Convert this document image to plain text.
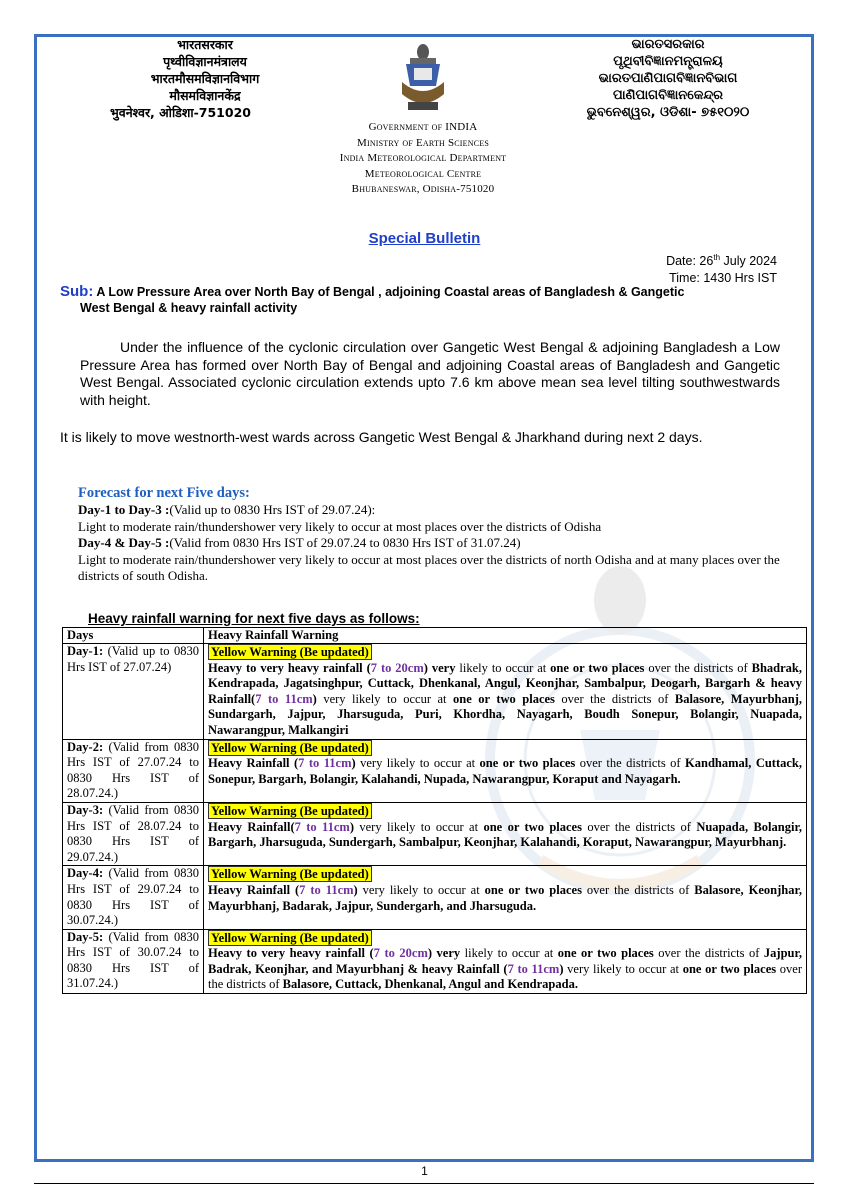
भारतसरकार
पृथ्वीविज्ञानमंत्रालय
भारतमौसमविज्ञानविभाग
मौसमविज्ञानकेंद्र
भुवनेश्वर, ओडिशा-751020
Government of INDIA
Ministry of Earth Sciences
India Meteorological Department
Meteorological Centre
Bhubaneswar, Odisha-751020
ଭାରତସରକାର
ପୃଥିବୀବିଜ୍ଞାନମନ୍ତ୍ରାଳୟ
ଭାରତପାଣିପାଗବିଜ୍ଞାନବିଭାଗ
ପାଣିପାଗବିଜ୍ଞାନକେନ୍ଦ୍ର
ଭୁବନେଶ୍ୱର, ଓଡିଶା- ୭୫୧୦୨୦
Special Bulletin
Date: 26th July 2024
Time: 1430 Hrs IST
Sub: A Low Pressure Area over North Bay of Bengal , adjoining Coastal areas of Bangladesh & Gangetic
West Bengal & heavy rainfall activity
Under the influence of the cyclonic circulation over Gangetic West Bengal & adjoining Bangladesh a Low Pressure Area has formed over North Bay of Bengal and adjoining Coastal areas of Bangladesh and Gangetic West Bengal. Associated cyclonic circulation extends upto 7.6 km above mean sea level tilting southwestwards with height.
It is likely to move westnorth-west wards across Gangetic West Bengal & Jharkhand during next 2 days.

Forecast for next Five days:

Day-1 to Day-3 :(Valid up to 0830 Hrs IST of 29.07.24):

Light to moderate rain/thundershower very likely to occur at most places over the districts of Odisha

Day-4 & Day-5 :(Valid from 0830 Hrs IST of 29.07.24 to 0830 Hrs IST of 31.07.24)

Light to moderate rain/thundershower very likely to occur at most places over the districts of north Odisha and at many places over the districts of south Odisha.

Heavy rainfall warning for next five days as follows:
Days	Heavy Rainfall Warning
Day-1: (Valid up to 0830 Hrs IST of 27.07.24)	Yellow Warning (Be updated)
Heavy to very heavy rainfall (7 to 20cm) very likely to occur at one or two places over the districts of Bhadrak, Kendrapada, Jagatsinghpur, Cuttack, Dhenkanal, Angul, Keonjhar, Sambalpur, Deogarh, Bargarh & heavy Rainfall(7 to 11cm) very likely to occur at one or two places over the districts of Balasore, Mayurbhanj, Sundargarh, Jajpur, Jharsuguda, Puri, Khordha, Nayagarh, Boudh Sonepur, Bolangir, Nuapada, Nawarangpur, Malkangiri
Day-2: (Valid from 0830 Hrs IST of 27.07.24 to 0830 Hrs IST of 28.07.24.)	Yellow Warning (Be updated)
Heavy Rainfall (7 to 11cm) very likely to occur at one or two places over the districts of Kandhamal, Cuttack, Sonepur, Bargarh, Bolangir, Kalahandi, Nupada, Nawarangpur, Koraput and Nayagarh.
Day-3: (Valid from 0830 Hrs IST of 28.07.24 to 0830 Hrs IST of 29.07.24.)	Yellow Warning (Be updated)
Heavy Rainfall(7 to 11cm) very likely to occur at one or two places over the districts of Nuapada, Bolangir, Bargarh, Jharsuguda, Sundergarh, Sambalpur, Keonjhar, Kalahandi, Koraput, Nawarangpur, Mayurbhanj.
Day-4: (Valid from 0830 Hrs IST of 29.07.24 to 0830 Hrs IST of 30.07.24.)	Yellow Warning (Be updated)
Heavy Rainfall (7 to 11cm) very likely to occur at one or two places over the districts of Balasore, Keonjhar, Mayurbhanj, Badarak, Jajpur, Sundergarh, and Jharsuguda.
Day-5: (Valid from 0830 Hrs IST of 30.07.24 to 0830 Hrs IST of 31.07.24.)	Yellow Warning (Be updated)
Heavy to very heavy rainfall (7 to 20cm) very likely to occur at one or two places over the districts of Jajpur, Badrak, Keonjhar, and Mayurbhanj & heavy Rainfall (7 to 11cm) very likely to occur at one or two places over the districts of Balasore, Cuttack, Dhenkanal, Angul and Kendrapada.
1
